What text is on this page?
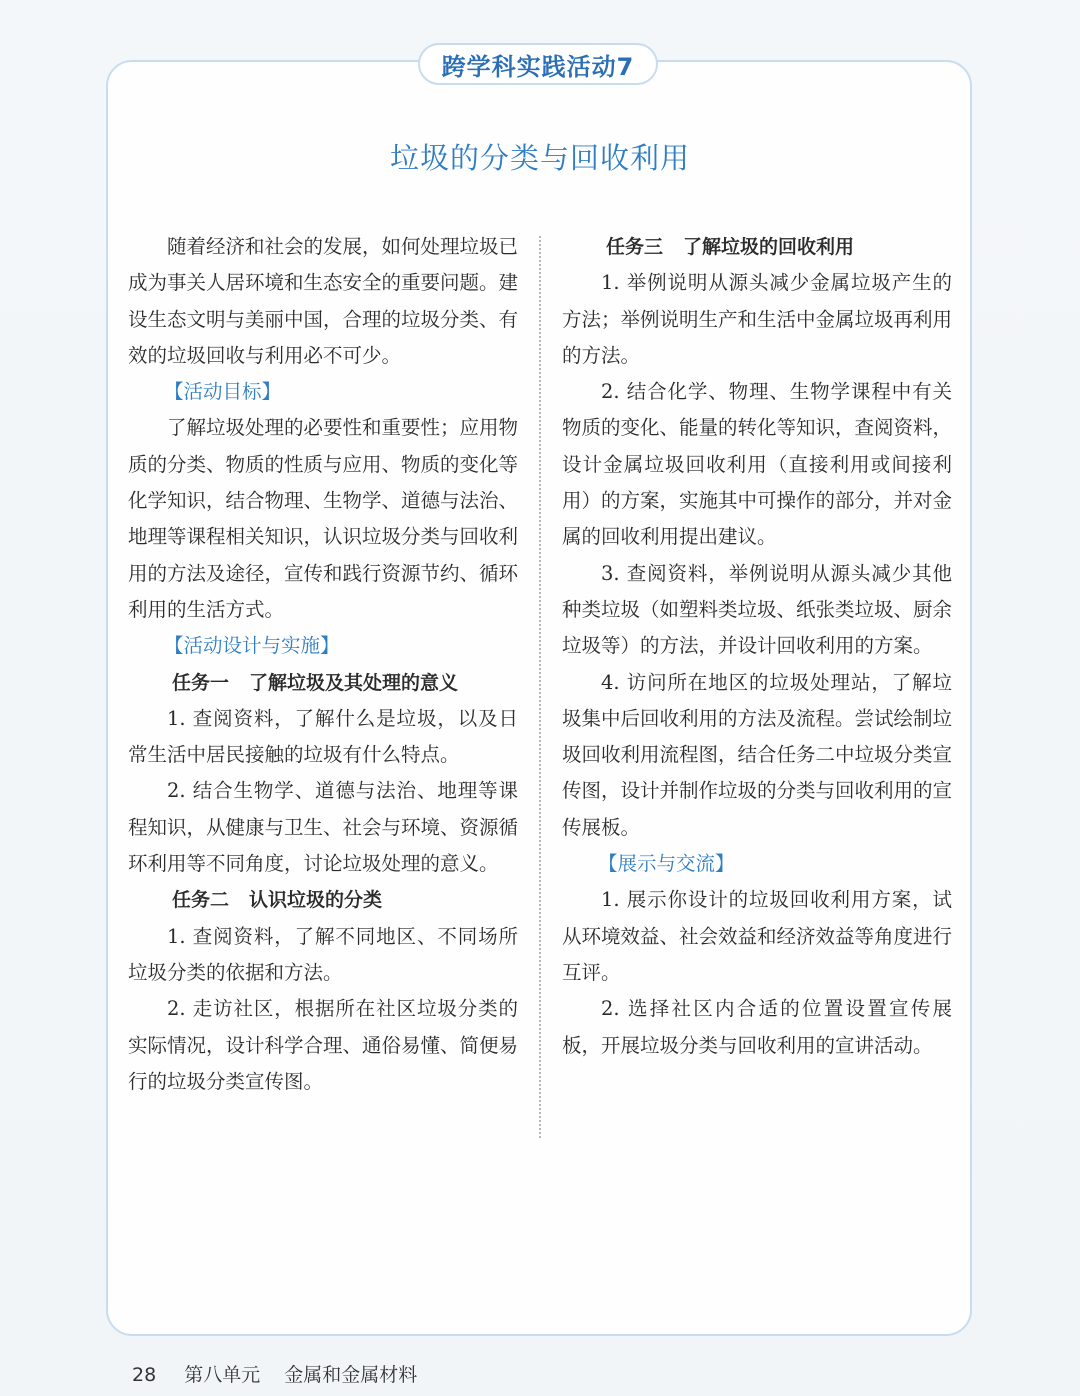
跨学科实践活动7
垃圾的分类与回收利用

随着经济和社会的发展，如何处理垃圾已成为事关人居环境和生态安全的重要问题。建设生态文明与美丽中国，合理的垃圾分类、有效的垃圾回收与利用必不可少。

【活动目标】

了解垃圾处理的必要性和重要性；应用物质的分类、物质的性质与应用、物质的变化等化学知识，结合物理、生物学、道德与法治、地理等课程相关知识，认识垃圾分类与回收利用的方法及途径，宣传和践行资源节约、循环利用的生活方式。

【活动设计与实施】

任务一 了解垃圾及其处理的意义

1. 查阅资料，了解什么是垃圾，以及日常生活中居民接触的垃圾有什么特点。

2. 结合生物学、道德与法治、地理等课程知识，从健康与卫生、社会与环境、资源循环利用等不同角度，讨论垃圾处理的意义。

任务二 认识垃圾的分类

1. 查阅资料，了解不同地区、不同场所垃圾分类的依据和方法。

2. 走访社区，根据所在社区垃圾分类的实际情况，设计科学合理、通俗易懂、简便易行的垃圾分类宣传图。

任务三 了解垃圾的回收利用

1. 举例说明从源头减少金属垃圾产生的方法；举例说明生产和生活中金属垃圾再利用的方法。

2. 结合化学、物理、生物学课程中有关物质的变化、能量的转化等知识，查阅资料，设计金属垃圾回收利用（直接利用或间接利用）的方案，实施其中可操作的部分，并对金属的回收利用提出建议。

3. 查阅资料，举例说明从源头减少其他种类垃圾（如塑料类垃圾、纸张类垃圾、厨余垃圾等）的方法，并设计回收利用的方案。

4. 访问所在地区的垃圾处理站，了解垃圾集中后回收利用的方法及流程。尝试绘制垃圾回收利用流程图，结合任务二中垃圾分类宣传图，设计并制作垃圾的分类与回收利用的宣传展板。

【展示与交流】

1. 展示你设计的垃圾回收利用方案，试从环境效益、社会效益和经济效益等角度进行互评。

2. 选择社区内合适的位置设置宣传展板，开展垃圾分类与回收利用的宣讲活动。

28 第八单元 金属和金属材料
